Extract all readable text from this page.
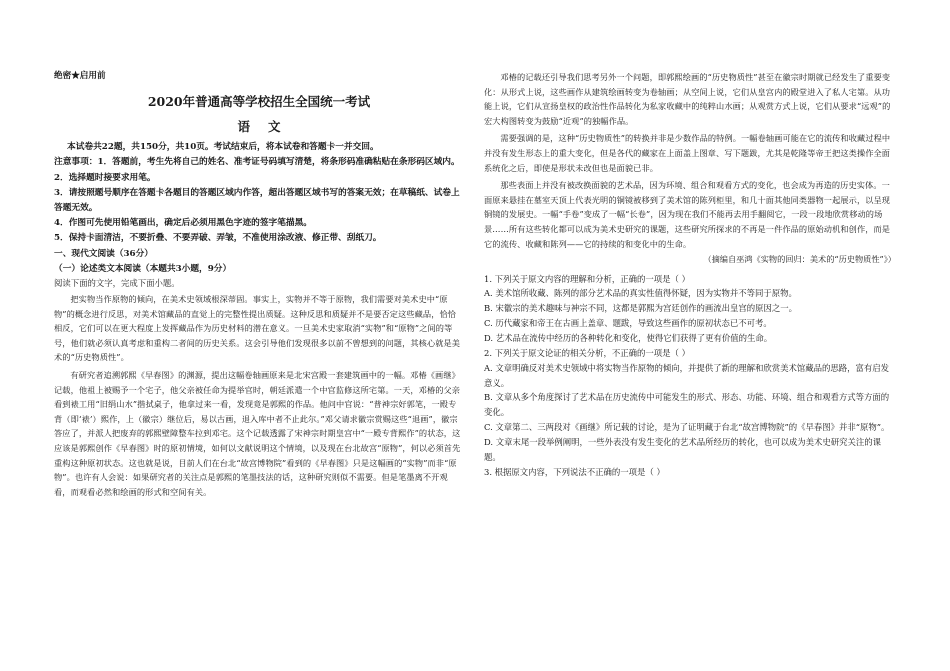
绝密★启用前

2020年普通高等学校招生全国统一考试

语文

本试卷共22题，共150分，共10页。考试结束后，将本试卷和答题卡一并交回。

注意事项：1．答题前，考生先将自己的姓名、准考证号码填写清楚，将条形码准确粘贴在条形码区域内。

2．选择题时接要求用笔。

3．请按照题号顺序在答题卡各题目的答题区域内作答，超出答题区域书写的答案无效；在草稿纸、试卷上答题无效。

4．作图可先使用铅笔画出，确定后必须用黑色字迹的签字笔描黑。

5．保持卡面清洁，不要折叠、不要弄破、弄皱，不准使用涂改液、修正带、刮纸刀。

一、现代文阅读（36分）

（一）论述类文本阅读（本题共3小题，9分）

阅读下面的文字，完成下面小题。

把实物当作原物的倾向，在美术史领域根深蒂固。事实上，实物并不等于原物，我们需要对美术史中“原物”的概念进行反思，对美术馆藏品的直觉上的完整性提出质疑。这种反思和质疑并不是要否定这些藏品，恰恰相反，它们可以在更大程度上发挥藏品作为历史材料的潜在意义。一旦美术史家取消“实物”和“原物”之间的等号，他们就必须认真考虑和重构二者间的历史关系。这会引导他们发现很多以前不曾想到的问题，其核心就是美术的“历史物质性”。

有研究者追溯郭熙《早春图》的渊源，提出这幅卷轴画原来是北宋宫殿一套建筑画中的一幅。邓椿《画继》记载，他祖上被赐予一个宅子，他父亲被任命为提举官时，朝廷派遣一个中官监修这所宅第。一天，邓椿的父亲看到裱工用“旧绢山水”揩拭桌子，他拿过来一看，发现竟是郭熙的作品。他问中官说：“普神宗好郭笔，一殿专背（即‘裱’）熙作，上（徽宗）继位后，易以古画，退入库中者不止此尔。”邓父请求徽宗赏赐这些“退画”，徽宗答应了，并派人把废弃的郭熙壁障整车拉到邓宅。这个记载透露了宋神宗时期皇宫中“一殿专背熙作”的状态，这应该是郭熙创作《早春图》时的原初情境，如何以文献说明这个情境，以及现在台北故宫“原物”，何以必须首先重构这种原初状态。这也就是说，目前人们在台北“故宫博物院”看到的《早春图》只是这幅画的“实物”而非“原物”。也许有人会说：如果研究者的关注点是郭熙的笔墨技法的话，这种研究则似不需要。但是笔墨离不开观看，而观看必然和绘画的形式和空间有关。

邓椿的记载还引导我们思考另外一个问题，即郭熙绘画的“历史物质性”甚至在徽宗时期就已经发生了重要变化：从形式上说，这些画作从建筑绘画转变为卷轴画；从空间上说，它们从皇宫内的殿堂进入了私人宅第。从功能上说，它们从宣扬皇权的政治性作品转化为私家收藏中的纯粹山水画；从观赏方式上说，它们从要求“远观”的宏大构图转变为鼓励“近观”的独幅作品。

需要强调的是，这种“历史物质性”的转换并非是少数作品的特例。一幅卷轴画可能在它的流传和收藏过程中并没有发生形态上的重大变化，但是各代的藏家在上面盖上图章、写下题跋，尤其是乾隆等帝王把这类操作全面系统化之后，即使是形状未改但也是面貌已非。

那些表面上并没有被改换面貌的艺术品，因为环境、组合和观看方式的变化，也会成为再造的历史实体。一面原来悬挂在墓室天顶上代表光明的铜镜被移到了美术馆的陈列柜里，和几十面其他同类器物一起展示，以呈现铜镜的发展史。一幅“手卷”变成了一幅“长卷”，因为现在我们不能再去用手翻阅它，一段一段地欣赏移动的场景……所有这些转化都可以成为美术史研究的课题，这些研究所探求的不再是一件作品的原始动机和创作，而是它的流传、收藏和陈列——它的持续的和变化中的生命。

（摘编自巫鸿《实物的回归：美术的“历史物质性”》）

1. 下列关于原文内容的理解和分析，正确的一项是（ ）

A. 美术馆所收藏、陈列的部分艺术品的真实性值得怀疑，因为实物并不等同于原物。

B. 宋徽宗的美术趣味与神宗不同，这都是郭熙为宫廷创作的画流出皇宫的原因之一。

C. 历代藏家和帝王在古画上盖章、题跋，导致这些画作的原初状态已不可考。

D. 艺术品在流传中经历的各种转化和变化，使得它们获得了更有价值的生命。

2. 下列关于原文论证的相关分析，不正确的一项是（ ）

A. 文章明确反对美术史领域中将实物当作原物的倾向，并提供了新的理解和欣赏美术馆藏品的思路，富有启发意义。

B. 文章从多个角度探讨了艺术品在历史流传中可能发生的形式、形态、功能、环境、组合和观看方式等方面的变化。

C. 文章第二、三两段对《画继》所记载的讨论，是为了证明藏于台北“故宫博物院”的《早春图》并非“原物”。

D. 文章末尾一段举例阐明，一些外表没有发生变化的艺术品所经历的转化，也可以成为美术史研究关注的课题。

3. 根据原文内容，下列说法不正确的一项是（ ）
